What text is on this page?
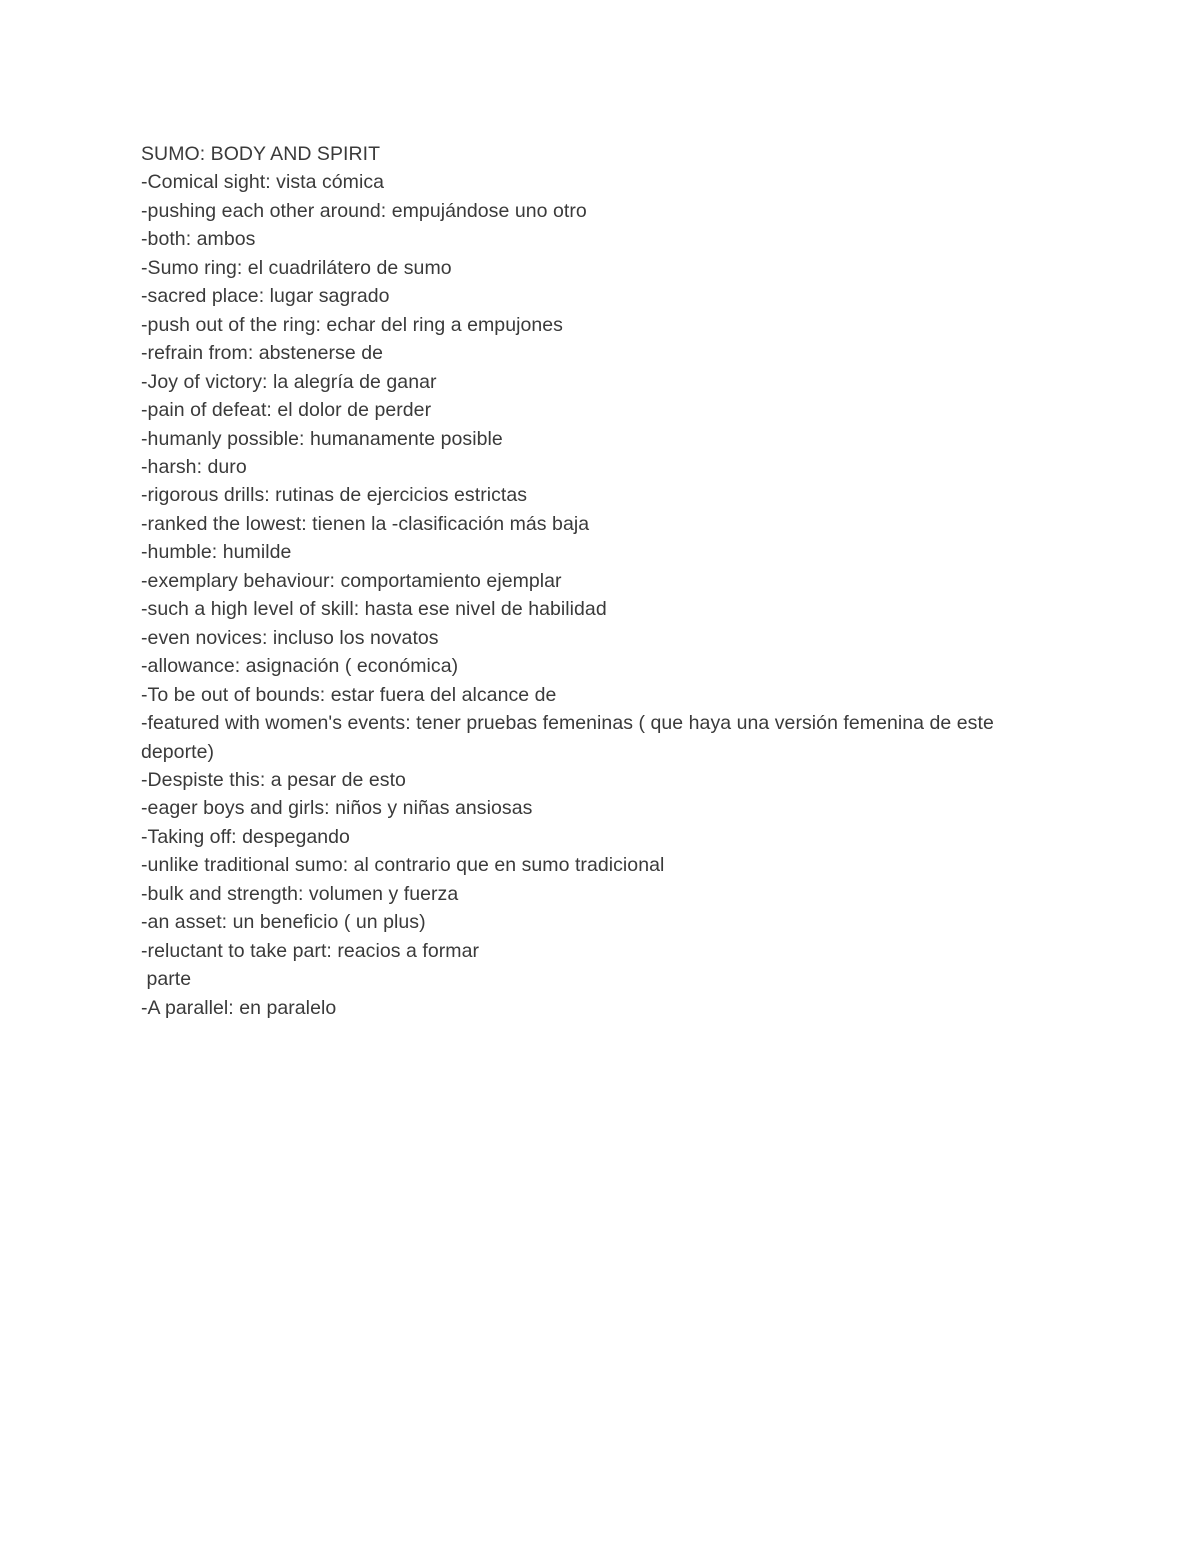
SUMO: BODY AND SPIRIT
-Comical sight: vista cómica
-pushing each other around: empujándose uno otro
-both: ambos
-Sumo ring: el cuadrilátero de sumo
-sacred place: lugar sagrado
-push out of the ring: echar del ring a empujones
-refrain from: abstenerse de
-Joy of victory: la alegría de ganar
-pain of defeat: el dolor de perder
-humanly possible: humanamente posible
-harsh: duro
-rigorous drills: rutinas de ejercicios estrictas
-ranked the lowest: tienen la -clasificación más baja
-humble: humilde
-exemplary behaviour: comportamiento ejemplar
-such a high level of skill: hasta ese nivel de habilidad
-even novices: incluso los novatos
-allowance: asignación ( económica)
-To be out of bounds: estar fuera del alcance de
-featured with women's events: tener pruebas femeninas ( que haya una versión femenina de este deporte)
-Despiste this: a pesar de esto
-eager boys and girls: niños y niñas ansiosas
-Taking off: despegando
-unlike traditional sumo: al contrario que en sumo tradicional
-bulk and strength: volumen y fuerza
-an asset: un beneficio ( un plus)
-reluctant to take part: reacios a formar
parte
-A parallel: en paralelo
